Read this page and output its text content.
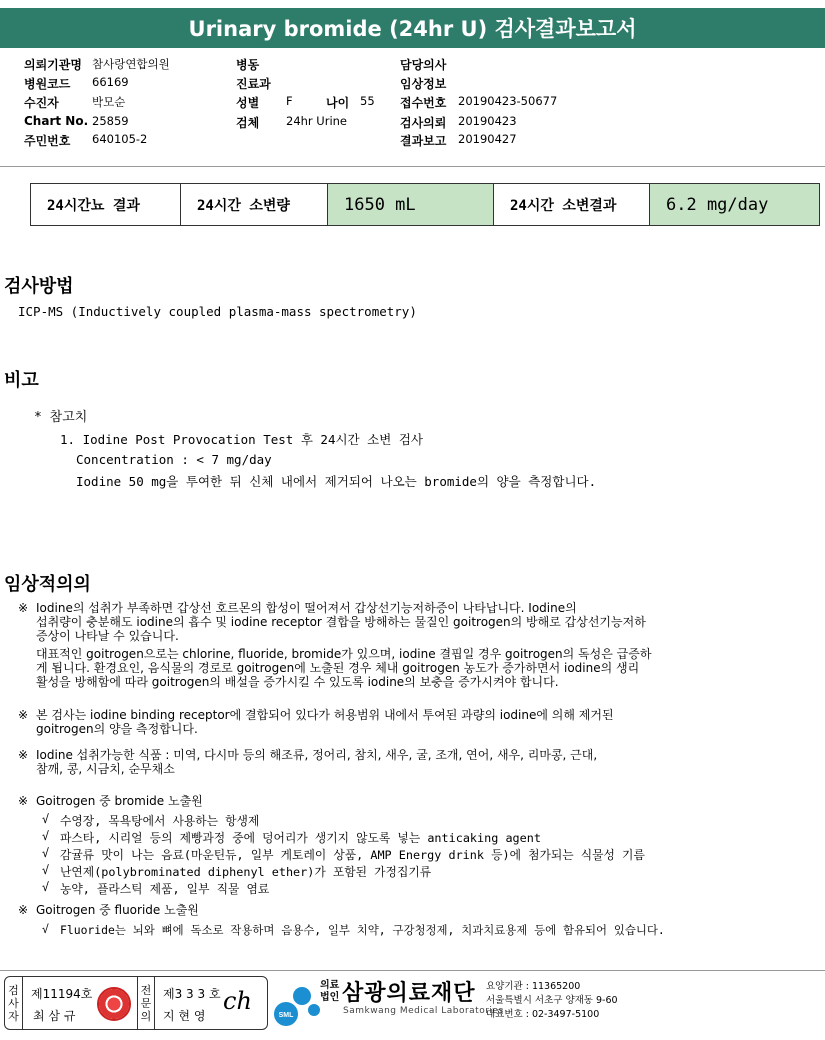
Urinary bromide (24hr U) 검사결과보고서
의뢰기관명 참사랑연합의원
병원코드 66169
수진자	박모순
Chart No. 25859
주민번호 640105-2
병동
진료과
성별 F	나이 55
검체 24hr Urine
담당의사
임상정보
접수번호 20190423-50677
검사의뢰 20190423
결과보고 20190427
24시간뇨 결과	24시간 소변량	1650 mL	24시간 소변결과	6.2 mg/day
검사방법
ICP-MS (Inductively coupled plasma-mass spectrometry)
비고
* 참고치
1. Iodine Post Provocation Test 후 24시간 소변 검사
Concentration : < 7 mg/day
Iodine 50 mg을 투여한 뒤 신체 내에서 제거되어 나오는 bromide의 양을 측정합니다.
임상적의의
※ Iodine의 섭취가 부족하면 갑상선 호르몬의 합성이 떨어져서 갑상선기능저하증이 나타납니다. Iodine의
섭취량이 충분해도 iodine의 흡수 및 iodine receptor 결합을 방해하는 물질인 goitrogen의 방해로 갑상선기능저하
증상이 나타날 수 있습니다.
대표적인 goitrogen으로는 chlorine, fluoride, bromide가 있으며, iodine 결핍일 경우 goitrogen의 독성은 급증하
게 됩니다. 환경요인, 음식물의 경로로 goitrogen에 노출된 경우 체내 goitrogen 농도가 증가하면서 iodine의 생리
활성을 방해함에 따라 goitrogen의 배설을 증가시킬 수 있도록 iodine의 보충을 증가시켜야 합니다.
※ 본 검사는 iodine binding receptor에 결합되어 있다가 허용범위 내에서 투여된 과량의 iodine에 의해 제거된
goitrogen의 양을 측정합니다.
※ Iodine 섭취가능한 식품 : 미역, 다시마 등의 해조류, 정어리, 참치, 새우, 굴, 조개, 연어, 새우, 리마콩, 근대,
참깨, 콩, 시금치, 순무채소
※ Goitrogen 중 bromide 노출원
√ 수영장, 목욕탕에서 사용하는 항생제
√ 파스타, 시리얼 등의 제빵과정 중에 덩어리가 생기지 않도록 넣는 anticaking agent
√ 감귤류 맛이 나는 음료(마운틴듀, 일부 게토레이 상품, AMP Energy drink 등)에 첨가되는 식물성 기름
√ 난연제(polybrominated diphenyl ether)가 포함된 가정집기류
√ 농약, 플라스틱 제품, 일부 직물 염료
※ Goitrogen 중 fluoride 노출원
√ Fluoride는 뇌와 뼈에 독소로 작용하며 음용수, 일부 치약, 구강청정제, 치과치료용제 등에 함유되어 있습니다.
검
사
자
제11194호
최 삼 규
전
문
의
제3 3 3 호
지 현 영
ch
SML
의료
법인 삼광의료재단
Samkwang Medical Laboratories
요양기관 : 11365200
서울특별시 서초구 양재동 9-60
대표번호 : 02-3497-5100
